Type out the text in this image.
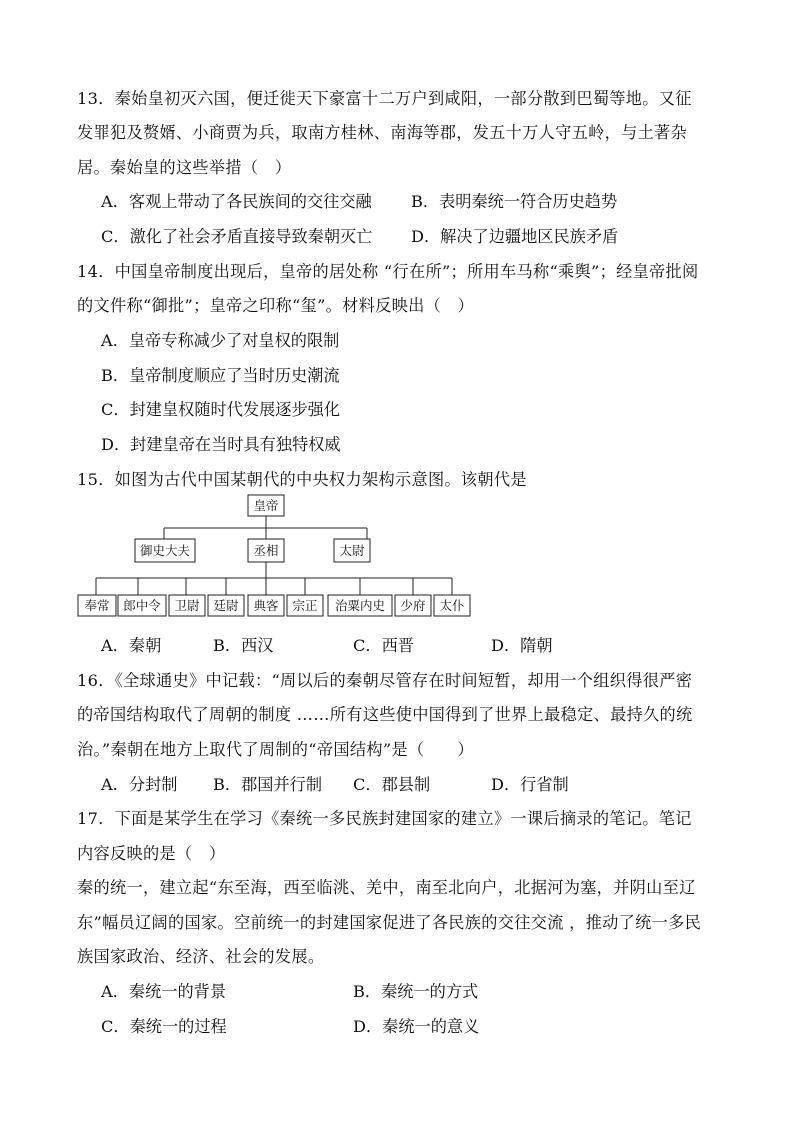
13．秦始皇初灭六国，便迁徙天下豪富十二万户到咸阳，一部分散到巴蜀等地。又征
发罪犯及赘婿、小商贾为兵，取南方桂林、南海等郡，发五十万人守五岭，与土著杂
居。秦始皇的这些举措（　）
A．客观上带动了各民族间的交往交融 B．表明秦统一符合历史趋势
C．激化了社会矛盾直接导致秦朝灭亡 D．解决了边疆地区民族矛盾
14．中国皇帝制度出现后，皇帝的居处称 “行在所”；所用车马称“乘舆”；经皇帝批阅
的文件称“御批”；皇帝之印称“玺”。材料反映出（　）
A．皇帝专称减少了对皇权的限制
B．皇帝制度顺应了当时历史潮流
C．封建皇权随时代发展逐步强化
D．封建皇帝在当时具有独特权威
15．如图为古代中国某朝代的中央权力架构示意图。该朝代是
皇帝
御史大夫	丞相	太尉
奉常 郎中令 卫尉 廷尉 典客 宗正 治粟内史 少府 太仆
A．秦朝	B．西汉	C．西晋	D．隋朝
16．《全球通史》中记载：“周以后的秦朝尽管存在时间短暂，却用一个组织得很严密
的帝国结构取代了周朝的制度 ……所有这些使中国得到了世界上最稳定、最持久的统
治。”秦朝在地方上取代了周制的“帝国结构”是（　　）
A．分封制 B．郡国并行制 C．郡县制	D．行省制
17．下面是某学生在学习《秦统一多民族封建国家的建立》一课后摘录的笔记。笔记
内容反映的是（　）
秦的统一，建立起“东至海，西至临洮、羌中，南至北向户，北据河为塞，并阴山至辽
东”幅员辽阔的国家。空前统一的封建国家促进了各民族的交往交流 ，推动了统一多民
族国家政治、经济、社会的发展。
A．秦统一的背景	B．秦统一的方式
C．秦统一的过程	D．秦统一的意义
